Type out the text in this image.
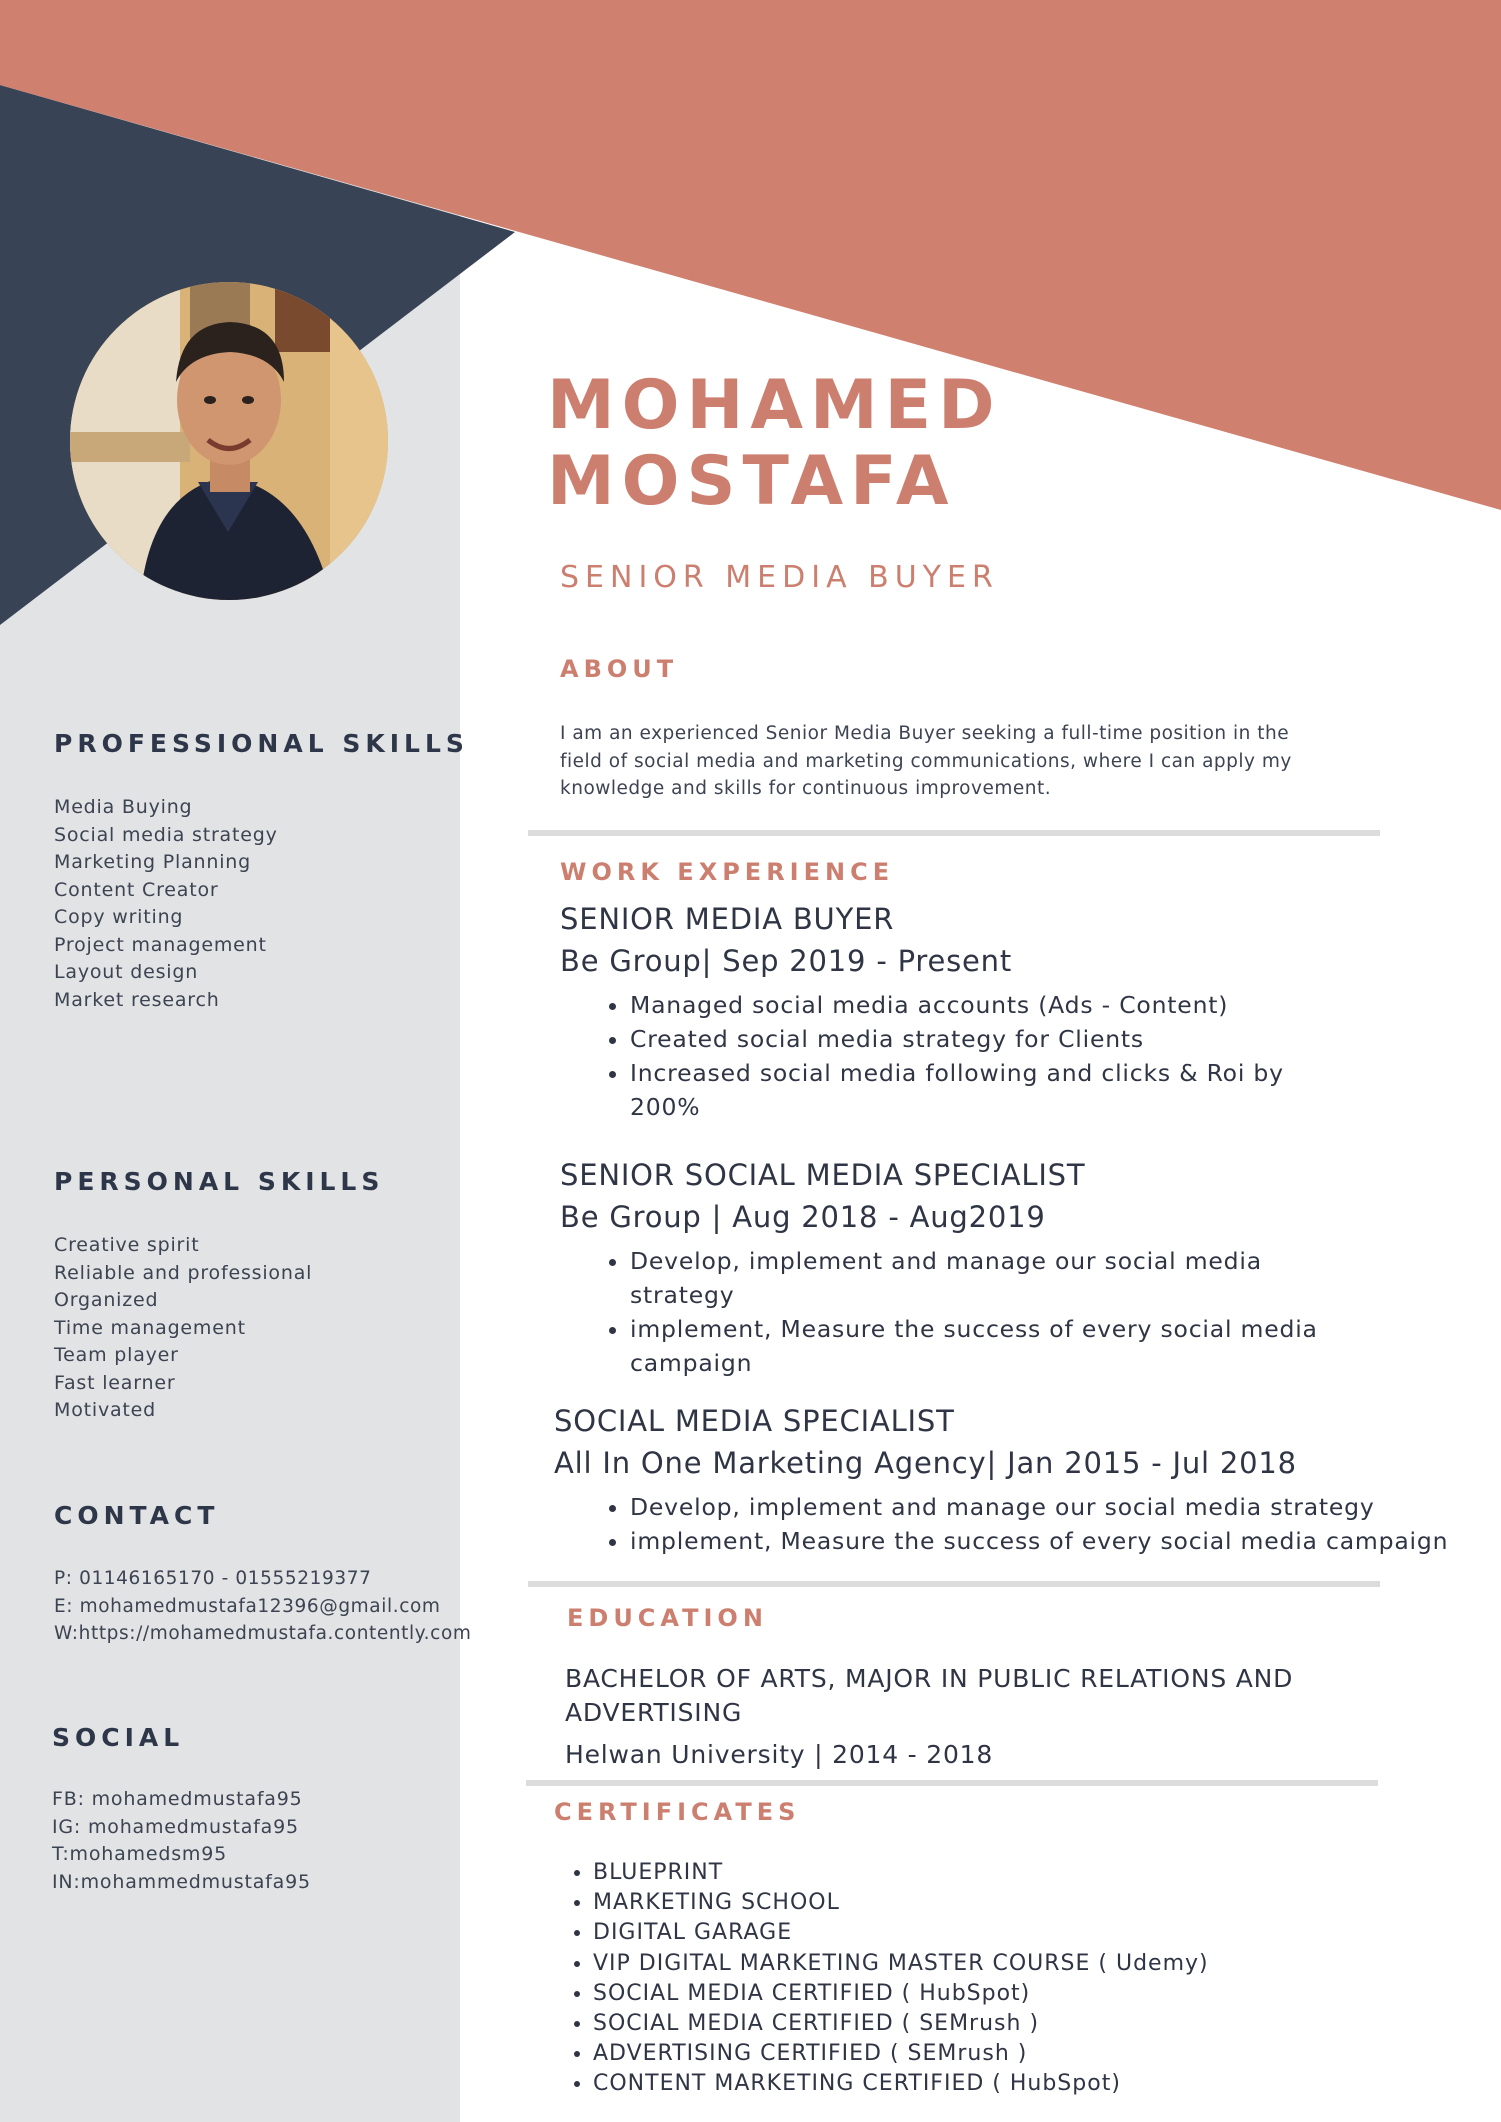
MOHAMED
MOSTAFA
SENIOR MEDIA BUYER
PROFESSIONAL SKILLS
Media Buying
Social media strategy
Marketing Planning
Content Creator
Copy writing
Project management
Layout design
Market research
PERSONAL SKILLS
Creative spirit
Reliable and professional
Organized
Time management
Team player
Fast learner
Motivated
CONTACT
P: 01146165170 - 01555219377
E: mohamedmustafa12396@gmail.com
W:https://mohamedmustafa.contently.com
SOCIAL
FB: mohamedmustafa95
IG: mohamedmustafa95
T:mohamedsm95
IN:mohammedmustafa95
ABOUT

I am an experienced Senior Media Buyer seeking a full-time position in the field of social media and marketing communications, where I can apply my knowledge and skills for continuous improvement.

WORK EXPERIENCE

SENIOR MEDIA BUYER

Be Group| Sep 2019 - Present

• Managed social media accounts (Ads - Content)
• Created social media strategy for Clients
• Increased social media following and clicks & Roi by 200%

SENIOR SOCIAL MEDIA SPECIALIST

Be Group | Aug 2018 - Aug2019

• Develop, implement and manage our social media strategy
• implement, Measure the success of every social media campaign

SOCIAL MEDIA SPECIALIST

All In One Marketing Agency| Jan 2015 - Jul 2018

• Develop, implement and manage our social media strategy
• implement, Measure the success of every social media campaign
EDUCATION

BACHELOR OF ARTS, MAJOR IN PUBLIC RELATIONS AND ADVERTISING

Helwan University | 2014 - 2018

CERTIFICATES
• BLUEPRINT
• MARKETING SCHOOL
• DIGITAL GARAGE
• VIP DIGITAL MARKETING MASTER COURSE ( Udemy)
• SOCIAL MEDIA CERTIFIED ( HubSpot)
• SOCIAL MEDIA CERTIFIED ( SEMrush )
• ADVERTISING CERTIFIED ( SEMrush )
• CONTENT MARKETING CERTIFIED ( HubSpot)
